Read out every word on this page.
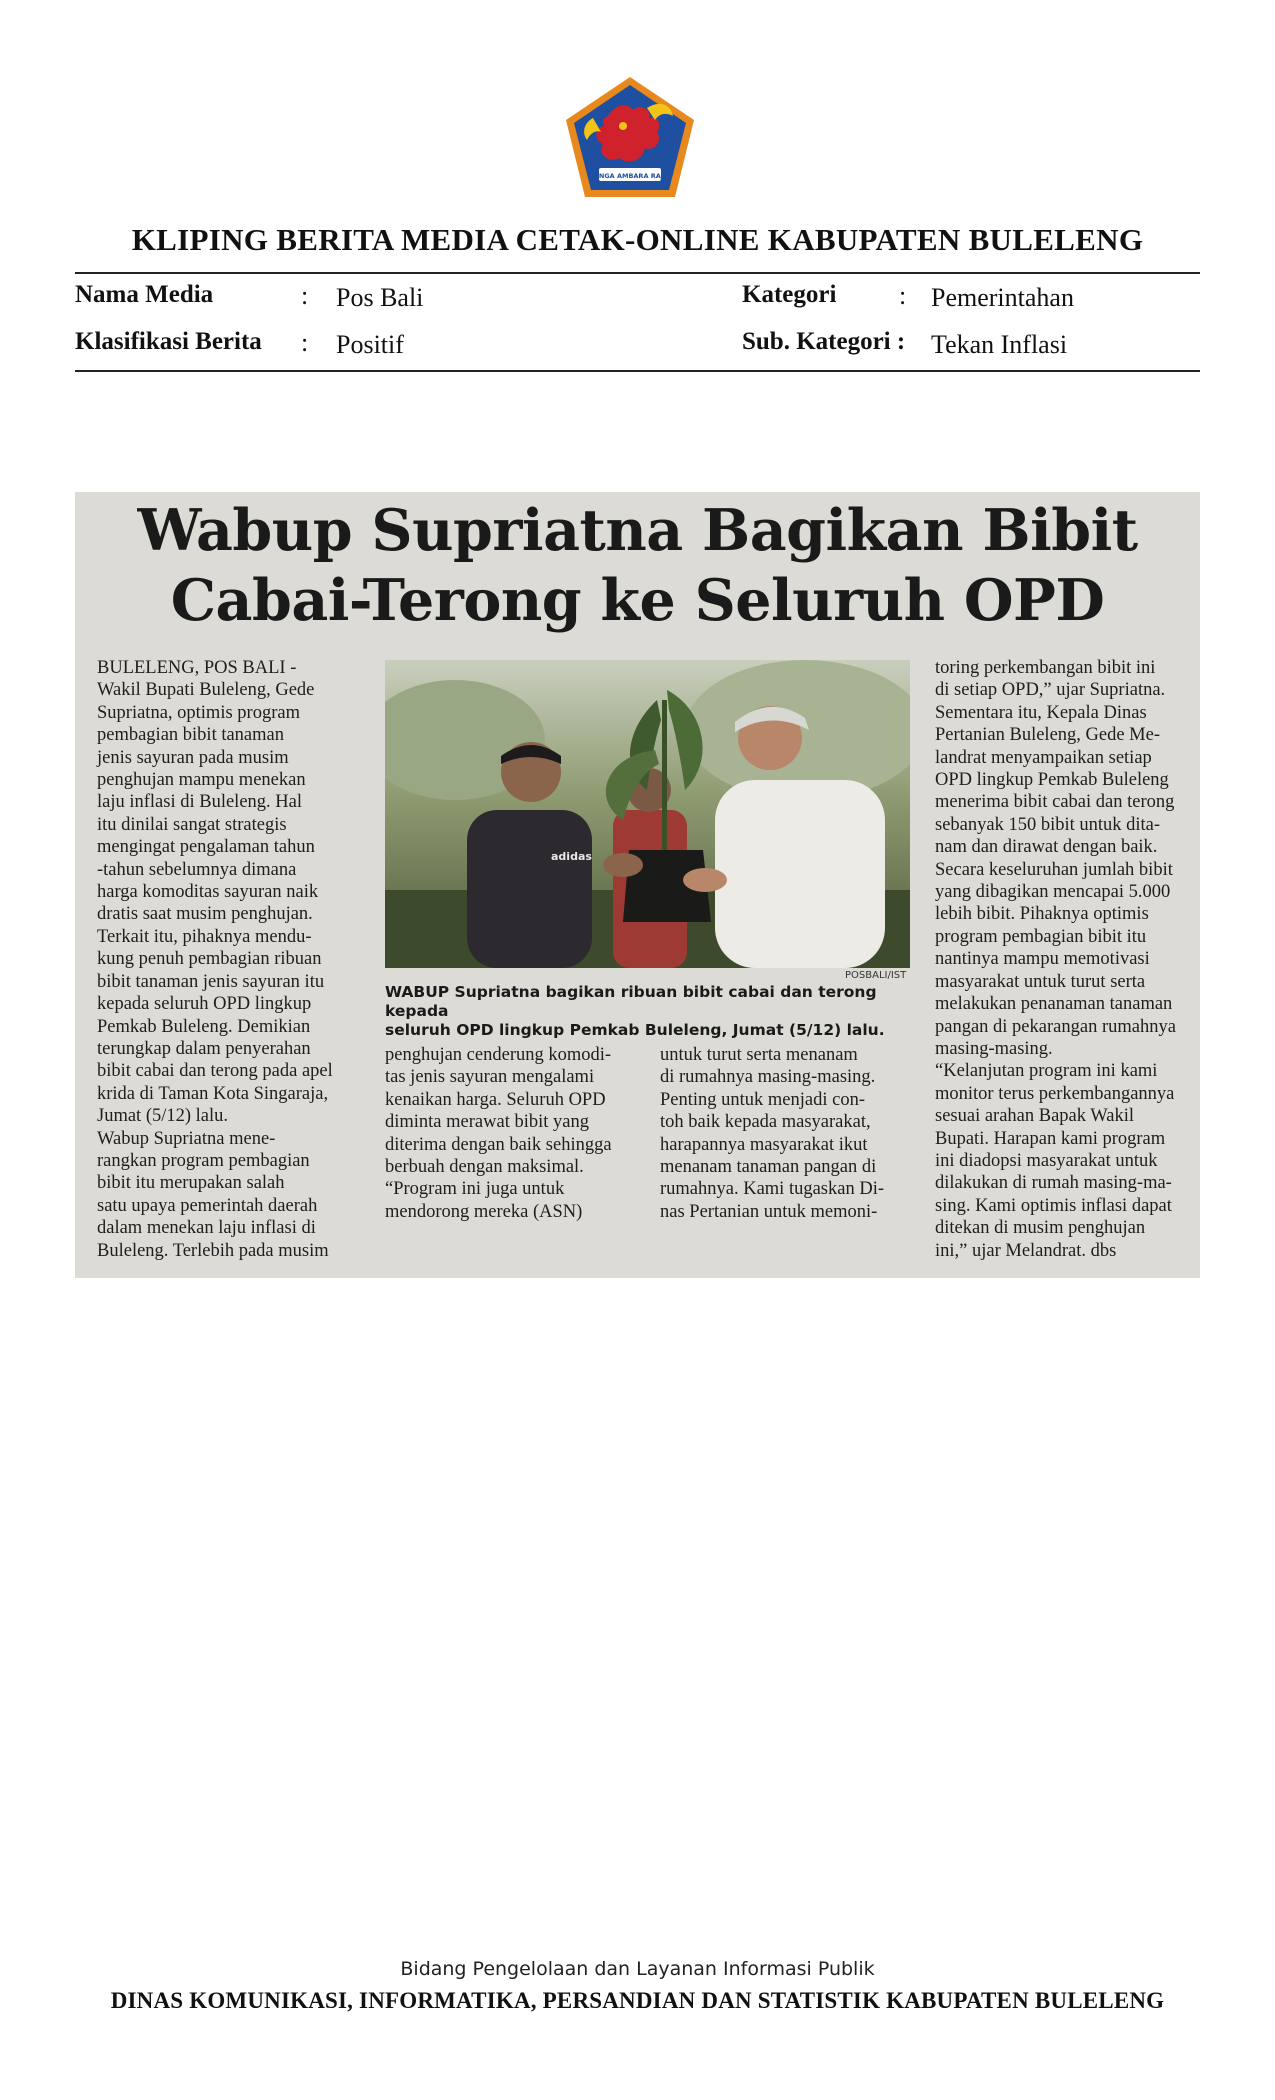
SINGA AMBARA RAJA
KLIPING BERITA MEDIA CETAK-ONLINE KABUPATEN BULELENG
Nama Media	: Pos Bali	Kategori : Pemerintahan
Klasifikasi Berita : Positif	Sub. Kategori : Tekan Inflasi
Wabup Supriatna Bagikan Bibit
Cabai-Terong ke Seluruh OPD

BULELENG, POS BALI -
Wakil Bupati Buleleng, Gede
Supriatna, optimis program
pembagian bibit tanaman
jenis sayuran pada musim
penghujan mampu menekan
laju inflasi di Buleleng. Hal
itu dinilai sangat strategis
mengingat pengalaman tahun
-tahun sebelumnya dimana
harga komoditas sayuran naik
dratis saat musim penghujan.
Terkait itu, pihaknya mendu-
kung penuh pembagian ribuan
bibit tanaman jenis sayuran itu
kepada seluruh OPD lingkup
Pemkab Buleleng. Demikian
terungkap dalam penyerahan
bibit cabai dan terong pada apel
krida di Taman Kota Singaraja,
Jumat (5/12) lalu.
Wabup Supriatna mene-
rangkan program pembagian
bibit itu merupakan salah
satu upaya pemerintah daerah
dalam menekan laju inflasi di
Buleleng. Terlebih pada musim

adidas
POSBALI/IST

WABUP Supriatna bagikan ribuan bibit cabai dan terong kepada
seluruh OPD lingkup Pemkab Buleleng, Jumat (5/12) lalu.

penghujan cenderung komodi-
tas jenis sayuran mengalami
kenaikan harga. Seluruh OPD
diminta merawat bibit yang
diterima dengan baik sehingga
berbuah dengan maksimal.
“Program ini juga untuk
mendorong mereka (ASN)

untuk turut serta menanam
di rumahnya masing-masing.
Penting untuk menjadi con-
toh baik kepada masyarakat,
harapannya masyarakat ikut
menanam tanaman pangan di
rumahnya. Kami tugaskan Di-
nas Pertanian untuk memoni-

toring perkembangan bibit ini
di setiap OPD,” ujar Supriatna.
Sementara itu, Kepala Dinas
Pertanian Buleleng, Gede Me-
landrat menyampaikan setiap
OPD lingkup Pemkab Buleleng
menerima bibit cabai dan terong
sebanyak 150 bibit untuk dita-
nam dan dirawat dengan baik.
Secara keseluruhan jumlah bibit
yang dibagikan mencapai 5.000
lebih bibit. Pihaknya optimis
program pembagian bibit itu
nantinya mampu memotivasi
masyarakat untuk turut serta
melakukan penanaman tanaman
pangan di pekarangan rumahnya
masing-masing.
“Kelanjutan program ini kami
monitor terus perkembangannya
sesuai arahan Bapak Wakil
Bupati. Harapan kami program
ini diadopsi masyarakat untuk
dilakukan di rumah masing-ma-
sing. Kami optimis inflasi dapat
ditekan di musim penghujan
ini,” ujar Melandrat. dbs

Bidang Pengelolaan dan Layanan Informasi Publik
DINAS KOMUNIKASI, INFORMATIKA, PERSANDIAN DAN STATISTIK KABUPATEN BULELENG
